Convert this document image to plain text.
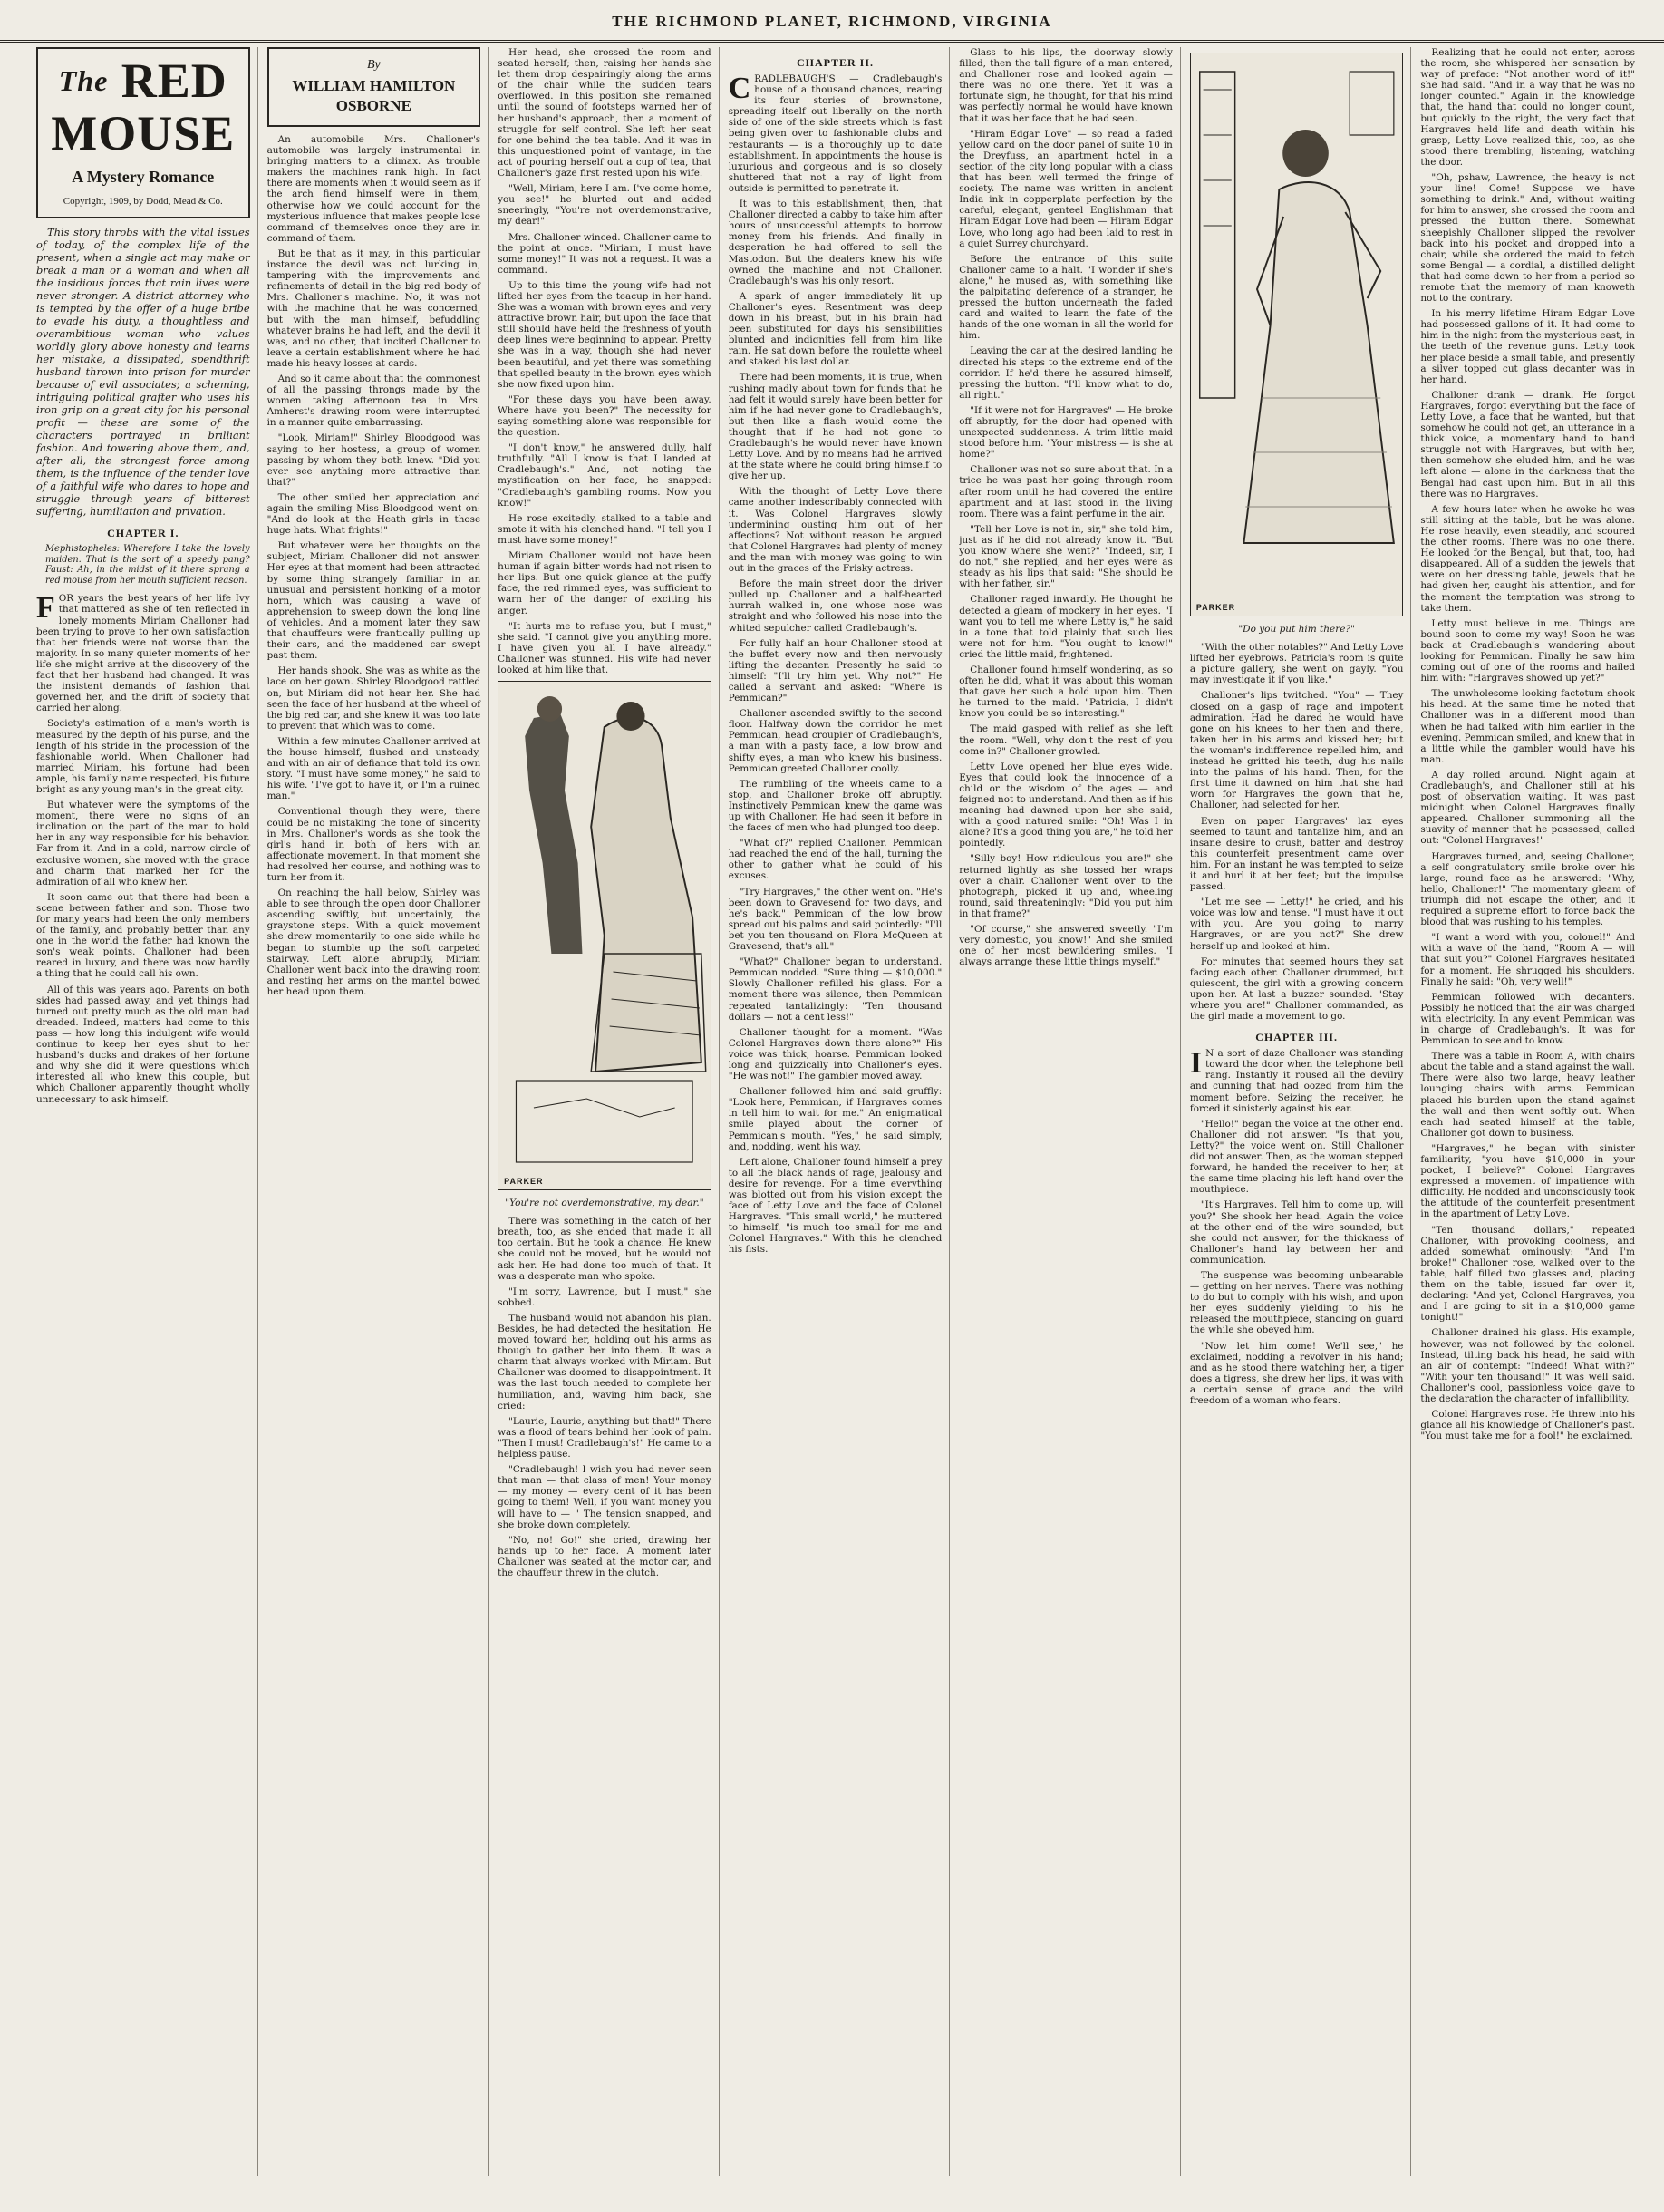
THE RICHMOND PLANET, RICHMOND, VIRGINIA
$^{The}$ RED MOUSE
A Mystery Romance
Copyright, 1909, by Dodd, Mead & Co.

This story throbs with the vital issues of today, of the complex life of the present, when a single act may make or break a man or a woman and when all the insidious forces that rain lives were never stronger. A district attorney who is tempted by the offer of a huge bribe to evade his duty, a thoughtless and overambitious woman who values worldly glory above honesty and learns her mistake, a dissipated, spendthrift husband thrown into prison for murder because of evil associates; a scheming, intriguing political grafter who uses his iron grip on a great city for his personal profit — these are some of the characters portrayed in brilliant fashion. And towering above them, and, after all, the strongest force among them, is the influence of the tender love of a faithful wife who dares to hope and struggle through years of bitterest suffering, humiliation and privation.

CHAPTER I.
Mephistopheles: Wherefore I take the lovely maiden. That is the sort of a speedy pang? Faust: Ah, in the midst of it there sprang a red mouse from her mouth sufficient reason.

FOR years the best years of her life Ivy that mattered as she of ten reflected in lonely moments Miriam Challoner had been trying to prove to her own satisfaction that her friends were not worse than the majority. In so many quieter moments of her life she might arrive at the discovery of the fact that her husband had changed. It was the insistent demands of fashion that governed her, and the drift of society that carried her along.

Society's estimation of a man's worth is measured by the depth of his purse, and the length of his stride in the procession of the fashionable world. When Challoner had married Miriam, his fortune had been ample, his family name respected, his future bright as any young man's in the great city.

But whatever were the symptoms of the moment, there were no signs of an inclination on the part of the man to hold her in any way responsible for his behavior. Far from it. And in a cold, narrow circle of exclusive women, she moved with the grace and charm that marked her for the admiration of all who knew her.

It soon came out that there had been a scene between father and son. Those two for many years had been the only members of the family, and probably better than any one in the world the father had known the son's weak points. Challoner had been reared in luxury, and there was now hardly a thing that he could call his own.

All of this was years ago. Parents on both sides had passed away, and yet things had turned out pretty much as the old man had dreaded. Indeed, matters had come to this pass — how long this indulgent wife would continue to keep her eyes shut to her husband's ducks and drakes of her fortune and why she did it were questions which interested all who knew this couple, but which Challoner apparently thought wholly unnecessary to ask himself.

By
WILLIAM HAMILTON OSBORNE

An automobile Mrs. Challoner's automobile was largely instrumental in bringing matters to a climax. As trouble makers the machines rank high. In fact there are moments when it would seem as if the arch fiend himself were in them, otherwise how we could account for the mysterious influence that makes people lose command of themselves once they are in command of them.

But be that as it may, in this particular instance the devil was not lurking in, tampering with the improvements and refinements of detail in the big red body of Mrs. Challoner's machine. No, it was not with the machine that he was concerned, but with the man himself, befuddling whatever brains he had left, and the devil it was, and no other, that incited Challoner to leave a certain establishment where he had made his heavy losses at cards.

And so it came about that the commonest of all the passing throngs made by the women taking afternoon tea in Mrs. Amherst's drawing room were interrupted in a manner quite embarrassing.

"Look, Miriam!" Shirley Bloodgood was saying to her hostess, a group of women passing by whom they both knew. "Did you ever see anything more attractive than that?"

The other smiled her appreciation and again the smiling Miss Bloodgood went on: "And do look at the Heath girls in those huge hats. What frights!"

But whatever were her thoughts on the subject, Miriam Challoner did not answer. Her eyes at that moment had been attracted by some thing strangely familiar in an unusual and persistent honking of a motor horn, which was causing a wave of apprehension to sweep down the long line of vehicles. And a moment later they saw that chauffeurs were frantically pulling up their cars, and the maddened car swept past them.

Her hands shook. She was as white as the lace on her gown. Shirley Bloodgood rattled on, but Miriam did not hear her. She had seen the face of her husband at the wheel of the big red car, and she knew it was too late to prevent that which was to come.

Within a few minutes Challoner arrived at the house himself, flushed and unsteady, and with an air of defiance that told its own story. "I must have some money," he said to his wife. "I've got to have it, or I'm a ruined man."

Conventional though they were, there could be no mistaking the tone of sincerity in Mrs. Challoner's words as she took the girl's hand in both of hers with an affectionate movement. In that moment she had resolved her course, and nothing was to turn her from it.

On reaching the hall below, Shirley was able to see through the open door Challoner ascending swiftly, but uncertainly, the graystone steps. With a quick movement she drew momentarily to one side while he began to stumble up the soft carpeted stairway. Left alone abruptly, Miriam Challoner went back into the drawing room and resting her arms on the mantel bowed her head upon them.

Her head, she crossed the room and seated herself; then, raising her hands she let them drop despairingly along the arms of the chair while the sudden tears overflowed. In this position she remained until the sound of footsteps warned her of her husband's approach, then a moment of struggle for self control. She left her seat for one behind the tea table. And it was in this unquestioned point of vantage, in the act of pouring herself out a cup of tea, that Challoner's gaze first rested upon his wife.

"Well, Miriam, here I am. I've come home, you see!" he blurted out and added sneeringly, "You're not overdemonstrative, my dear!"

Mrs. Challoner winced. Challoner came to the point at once. "Miriam, I must have some money!" It was not a request. It was a command.

Up to this time the young wife had not lifted her eyes from the teacup in her hand. She was a woman with brown eyes and very attractive brown hair, but upon the face that still should have held the freshness of youth deep lines were beginning to appear. Pretty she was in a way, though she had never been beautiful, and yet there was something that spelled beauty in the brown eyes which she now fixed upon him.

"For these days you have been away. Where have you been?" The necessity for saying something alone was responsible for the question.

"I don't know," he answered dully, half truthfully. "All I know is that I landed at Cradlebaugh's." And, not noting the mystification on her face, he snapped: "Cradlebaugh's gambling rooms. Now you know!"

He rose excitedly, stalked to a table and smote it with his clenched hand. "I tell you I must have some money!"

Miriam Challoner would not have been human if again bitter words had not risen to her lips. But one quick glance at the puffy face, the red rimmed eyes, was sufficient to warn her of the danger of exciting his anger.

"It hurts me to refuse you, but I must," she said. "I cannot give you anything more. I have given you all I have already." Challoner was stunned. His wife had never looked at him like that.

PARKER
"You're not overdemonstrative, my dear."

There was something in the catch of her breath, too, as she ended that made it all too certain. But he took a chance. He knew she could not be moved, but he would not ask her. He had done too much of that. It was a desperate man who spoke.

"I'm sorry, Lawrence, but I must," she sobbed.

The husband would not abandon his plan. Besides, he had detected the hesitation. He moved toward her, holding out his arms as though to gather her into them. It was a charm that always worked with Miriam. But Challoner was doomed to disappointment. It was the last touch needed to complete her humiliation, and, waving him back, she cried:

"Laurie, Laurie, anything but that!" There was a flood of tears behind her look of pain. "Then I must! Cradlebaugh's!" He came to a helpless pause.

"Cradlebaugh! I wish you had never seen that man — that class of men! Your money — my money — every cent of it has been going to them! Well, if you want money you will have to — " The tension snapped, and she broke down completely.

"No, no! Go!" she cried, drawing her hands up to her face. A moment later Challoner was seated at the motor car, and the chauffeur threw in the clutch.

CHAPTER II.

CRADLEBAUGH'S — Cradlebaugh's house of a thousand chances, rearing its four stories of brownstone, spreading itself out liberally on the north side of one of the side streets which is fast being given over to fashionable clubs and restaurants — is a thoroughly up to date establishment. In appointments the house is luxurious and gorgeous and is so closely shuttered that not a ray of light from outside is permitted to penetrate it.

It was to this establishment, then, that Challoner directed a cabby to take him after hours of unsuccessful attempts to borrow money from his friends. And finally in desperation he had offered to sell the Mastodon. But the dealers knew his wife owned the machine and not Challoner. Cradlebaugh's was his only resort.

A spark of anger immediately lit up Challoner's eyes. Resentment was deep down in his breast, but in his brain had been substituted for days his sensibilities blunted and indignities fell from him like rain. He sat down before the roulette wheel and staked his last dollar.

There had been moments, it is true, when rushing madly about town for funds that he had felt it would surely have been better for him if he had never gone to Cradlebaugh's, but then like a flash would come the thought that if he had not gone to Cradlebaugh's he would never have known Letty Love. And by no means had he arrived at the state where he could bring himself to give her up.

With the thought of Letty Love there came another indescribably connected with it. Was Colonel Hargraves slowly undermining ousting him out of her affections? Not without reason he argued that Colonel Hargraves had plenty of money and the man with money was going to win out in the graces of the Frisky actress.

Before the main street door the driver pulled up. Challoner and a half-hearted hurrah walked in, one whose nose was straight and who followed his nose into the whited sepulcher called Cradlebaugh's.

For fully half an hour Challoner stood at the buffet every now and then nervously lifting the decanter. Presently he said to himself: "I'll try him yet. Why not?" He called a servant and asked: "Where is Pemmican?"

Challoner ascended swiftly to the second floor. Halfway down the corridor he met Pemmican, head croupier of Cradlebaugh's, a man with a pasty face, a low brow and shifty eyes, a man who knew his business. Pemmican greeted Challoner coolly.

The rumbling of the wheels came to a stop, and Challoner broke off abruptly. Instinctively Pemmican knew the game was up with Challoner. He had seen it before in the faces of men who had plunged too deep.

"What of?" replied Challoner. Pemmican had reached the end of the hall, turning the other to gather what he could of his excuses.

"Try Hargraves," the other went on. "He's been down to Gravesend for two days, and he's back." Pemmican of the low brow spread out his palms and said pointedly: "I'll bet you ten thousand on Flora McQueen at Gravesend, that's all."

"What?" Challoner began to understand. Pemmican nodded. "Sure thing — $10,000." Slowly Challoner refilled his glass. For a moment there was silence, then Pemmican repeated tantalizingly: "Ten thousand dollars — not a cent less!"

Challoner thought for a moment. "Was Colonel Hargraves down there alone?" His voice was thick, hoarse. Pemmican looked long and quizzically into Challoner's eyes. "He was not!" The gambler moved away.

Challoner followed him and said gruffly: "Look here, Pemmican, if Hargraves comes in tell him to wait for me." An enigmatical smile played about the corner of Pemmican's mouth. "Yes," he said simply, and, nodding, went his way.

Left alone, Challoner found himself a prey to all the black hands of rage, jealousy and desire for revenge. For a time everything was blotted out from his vision except the face of Letty Love and the face of Colonel Hargraves. "This small world," he muttered to himself, "is much too small for me and Colonel Hargraves." With this he clenched his fists.

Glass to his lips, the doorway slowly filled, then the tall figure of a man entered, and Challoner rose and looked again — there was no one there. Yet it was a fortunate sign, he thought, for that his mind was perfectly normal he would have known that it was her face that he had seen.

"Hiram Edgar Love" — so read a faded yellow card on the door panel of suite 10 in the Dreyfuss, an apartment hotel in a section of the city long popular with a class that has been well termed the fringe of society. The name was written in ancient India ink in copperplate perfection by the careful, elegant, genteel Englishman that Hiram Edgar Love had been — Hiram Edgar Love, who long ago had been laid to rest in a quiet Surrey churchyard.

Before the entrance of this suite Challoner came to a halt. "I wonder if she's alone," he mused as, with something like the palpitating deference of a stranger, he pressed the button underneath the faded card and waited to learn the fate of the hands of the one woman in all the world for him.

Leaving the car at the desired landing he directed his steps to the extreme end of the corridor. If he'd there he assured himself, pressing the button. "I'll know what to do, all right."

"If it were not for Hargraves" — He broke off abruptly, for the door had opened with unexpected suddenness. A trim little maid stood before him. "Your mistress — is she at home?"

Challoner was not so sure about that. In a trice he was past her going through room after room until he had covered the entire apartment and at last stood in the living room. There was a faint perfume in the air.

"Tell her Love is not in, sir," she told him, just as if he did not already know it. "But you know where she went?" "Indeed, sir, I do not," she replied, and her eyes were as steady as his lips that said: "She should be with her father, sir."

Challoner raged inwardly. He thought he detected a gleam of mockery in her eyes. "I want you to tell me where Letty is," he said in a tone that told plainly that such lies were not for him. "You ought to know!" cried the little maid, frightened.

Challoner found himself wondering, as so often he did, what it was about this woman that gave her such a hold upon him. Then he turned to the maid. "Patricia, I didn't know you could be so interesting."

The maid gasped with relief as she left the room. "Well, why don't the rest of you come in?" Challoner growled.

Letty Love opened her blue eyes wide. Eyes that could look the innocence of a child or the wisdom of the ages — and feigned not to understand. And then as if his meaning had dawned upon her she said, with a good natured smile: "Oh! Was I in alone? It's a good thing you are," he told her pointedly.

"Silly boy! How ridiculous you are!" she returned lightly as she tossed her wraps over a chair. Challoner went over to the photograph, picked it up and, wheeling round, said threateningly: "Did you put him in that frame?"

"Of course," she answered sweetly. "I'm very domestic, you know!" And she smiled one of her most bewildering smiles. "I always arrange these little things myself."

PARKER
"Do you put him there?"

"With the other notables?" And Letty Love lifted her eyebrows. Patricia's room is quite a picture gallery, she went on gayly. "You may investigate it if you like."

Challoner's lips twitched. "You" — They closed on a gasp of rage and impotent admiration. Had he dared he would have gone on his knees to her then and there, taken her in his arms and kissed her; but the woman's indifference repelled him, and instead he gritted his teeth, dug his nails into the palms of his hand. Then, for the first time it dawned on him that she had worn for Hargraves the gown that he, Challoner, had selected for her.

Even on paper Hargraves' lax eyes seemed to taunt and tantalize him, and an insane desire to crush, batter and destroy this counterfeit presentment came over him. For an instant he was tempted to seize it and hurl it at her feet; but the impulse passed.

"Let me see — Letty!" he cried, and his voice was low and tense. "I must have it out with you. Are you going to marry Hargraves, or are you not?" She drew herself up and looked at him.

For minutes that seemed hours they sat facing each other. Challoner drummed, but quiescent, the girl with a growing concern upon her. At last a buzzer sounded. "Stay where you are!" Challoner commanded, as the girl made a movement to go.

CHAPTER III.

I N a sort of daze Challoner was standing toward the door when the telephone bell rang. Instantly it roused all the devilry and cunning that had oozed from him the moment before. Seizing the receiver, he forced it sinisterly against his ear.

"Hello!" began the voice at the other end. Challoner did not answer. "Is that you, Letty?" the voice went on. Still Challoner did not answer. Then, as the woman stepped forward, he handed the receiver to her, at the same time placing his left hand over the mouthpiece.

"It's Hargraves. Tell him to come up, will you?" She shook her head. Again the voice at the other end of the wire sounded, but she could not answer, for the thickness of Challoner's hand lay between her and communication.

The suspense was becoming unbearable — getting on her nerves. There was nothing to do but to comply with his wish, and upon her eyes suddenly yielding to his he released the mouthpiece, standing on guard the while she obeyed him.

"Now let him come! We'll see," he exclaimed, nodding a revolver in his hand; and as he stood there watching her, a tiger does a tigress, she drew her lips, it was with a certain sense of grace and the wild freedom of a woman who fears.

Realizing that he could not enter, across the room, she whispered her sensation by way of preface: "Not another word of it!" she had said. "And in a way that he was no longer counted." Again in the knowledge that, the hand that could no longer count, but quickly to the right, the very fact that Hargraves held life and death within his grasp, Letty Love realized this, too, as she stood there trembling, listening, watching the door.

"Oh, pshaw, Lawrence, the heavy is not your line! Come! Suppose we have something to drink." And, without waiting for him to answer, she crossed the room and pressed the button there. Somewhat sheepishly Challoner slipped the revolver back into his pocket and dropped into a chair, while she ordered the maid to fetch some Bengal — a cordial, a distilled delight that had come down to her from a period so remote that the memory of man knoweth not to the contrary.

In his merry lifetime Hiram Edgar Love had possessed gallons of it. It had come to him in the night from the mysterious east, in the teeth of the revenue guns. Letty took her place beside a small table, and presently a silver topped cut glass decanter was in her hand.

Challoner drank — drank. He forgot Hargraves, forgot everything but the face of Letty Love, a face that he wanted, but that somehow he could not get, an utterance in a thick voice, a momentary hand to hand struggle not with Hargraves, but with her, then somehow she eluded him, and he was left alone — alone in the darkness that the Bengal had cast upon him. But in all this there was no Hargraves.

A few hours later when he awoke he was still sitting at the table, but he was alone. He rose heavily, even steadily, and scoured the other rooms. There was no one there. He looked for the Bengal, but that, too, had disappeared. All of a sudden the jewels that were on her dressing table, jewels that he had given her, caught his attention, and for the moment the temptation was strong to take them.

Letty must believe in me. Things are bound soon to come my way! Soon he was back at Cradlebaugh's wandering about looking for Pemmican. Finally he saw him coming out of one of the rooms and hailed him with: "Hargraves showed up yet?"

The unwholesome looking factotum shook his head. At the same time he noted that Challoner was in a different mood than when he had talked with him earlier in the evening. Pemmican smiled, and knew that in a little while the gambler would have his man.

A day rolled around. Night again at Cradlebaugh's, and Challoner still at his post of observation waiting. It was past midnight when Colonel Hargraves finally appeared. Challoner summoning all the suavity of manner that he possessed, called out: "Colonel Hargraves!"

Hargraves turned, and, seeing Challoner, a self congratulatory smile broke over his large, round face as he answered: "Why, hello, Challoner!" The momentary gleam of triumph did not escape the other, and it required a supreme effort to force back the blood that was rushing to his temples.

"I want a word with you, colonel!" And with a wave of the hand, "Room A — will that suit you?" Colonel Hargraves hesitated for a moment. He shrugged his shoulders. Finally he said: "Oh, very well!"

Pemmican followed with decanters. Possibly he noticed that the air was charged with electricity. In any event Pemmican was in charge of Cradlebaugh's. It was for Pemmican to see and to know.

There was a table in Room A, with chairs about the table and a stand against the wall. There were also two large, heavy leather lounging chairs with arms. Pemmican placed his burden upon the stand against the wall and then went softly out. When each had seated himself at the table, Challoner got down to business.

"Hargraves," he began with sinister familiarity, "you have $10,000 in your pocket, I believe?" Colonel Hargraves expressed a movement of impatience with difficulty. He nodded and unconsciously took the attitude of the counterfeit presentment in the apartment of Letty Love.

"Ten thousand dollars," repeated Challoner, with provoking coolness, and added somewhat ominously: "And I'm broke!" Challoner rose, walked over to the table, half filled two glasses and, placing them on the table, issued far over it, declaring: "And yet, Colonel Hargraves, you and I are going to sit in a $10,000 game tonight!"

Challoner drained his glass. His example, however, was not followed by the colonel. Instead, tilting back his head, he said with an air of contempt: "Indeed! What with?" "With your ten thousand!" It was well said. Challoner's cool, passionless voice gave to the declaration the character of infallibility.

Colonel Hargraves rose. He threw into his glance all his knowledge of Challoner's past. "You must take me for a fool!" he exclaimed.
